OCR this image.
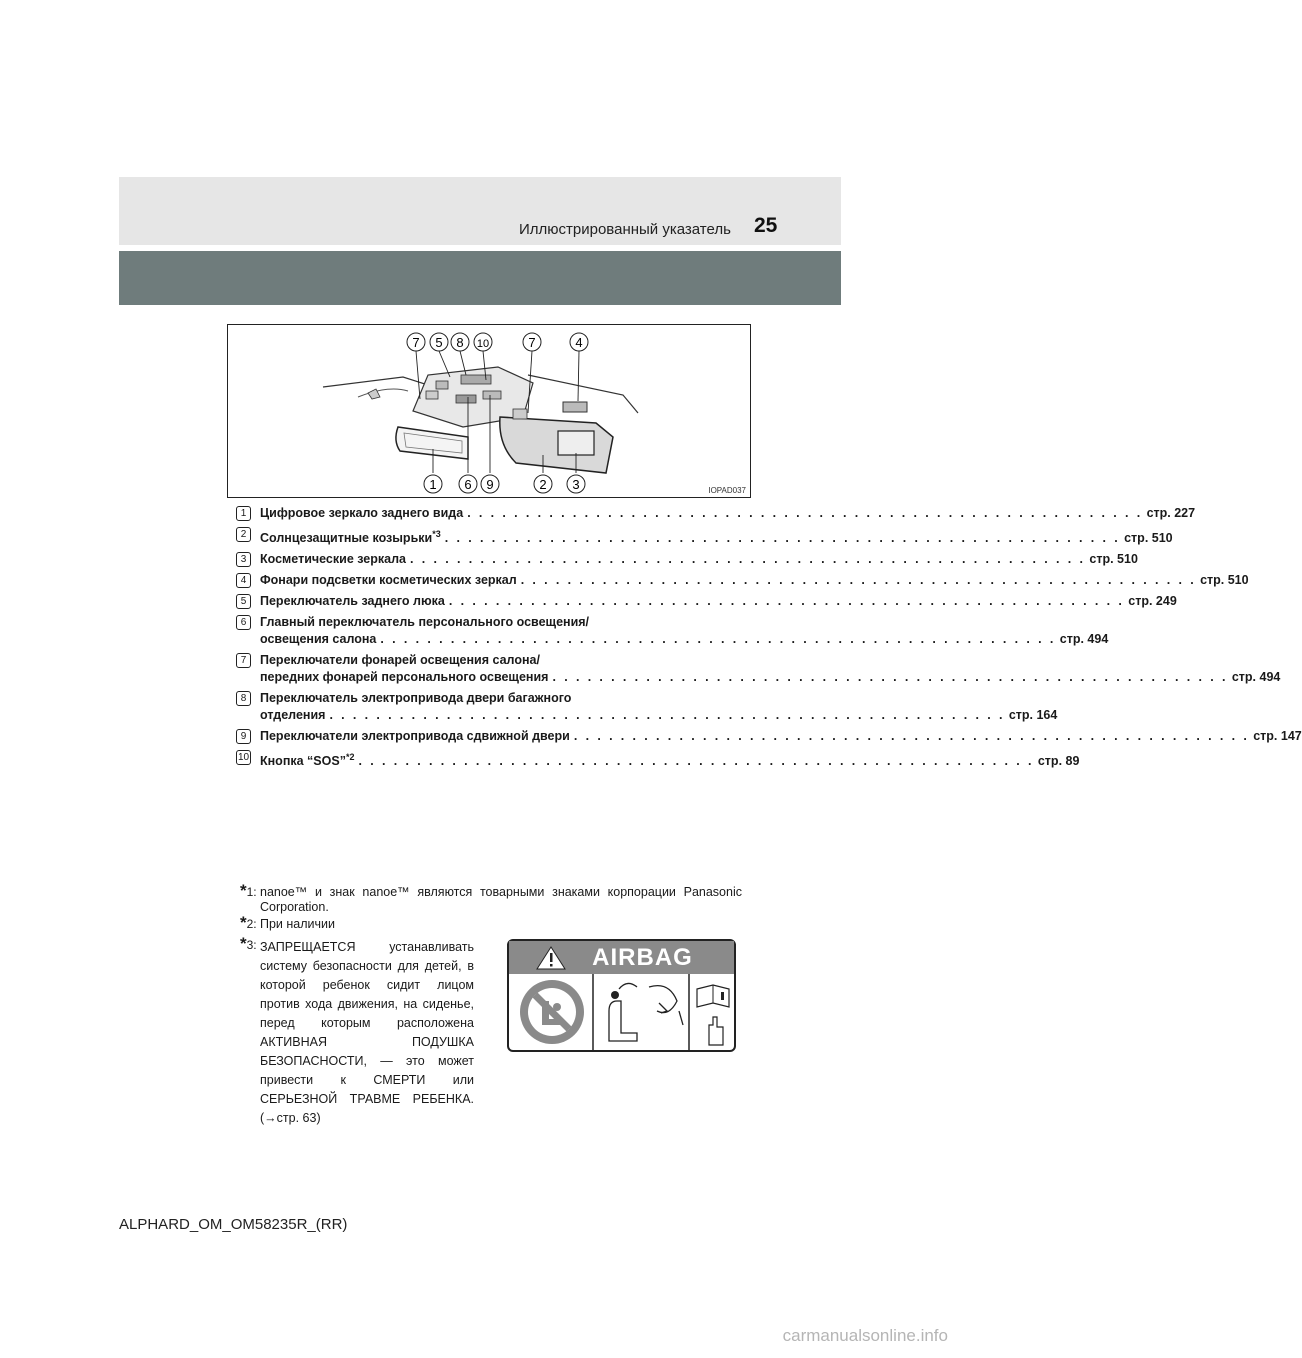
Иллюстрированный указатель 25
7 5 8 10	7	4
1 6 9	2 3	IOPAD037
1	Цифровое зеркало заднего вида . . . . . . . . . . . . . . . . . . . . . . . . . . . . . . . . . . . . . . . . . . . . . . . . . . . . . . . . . . стр. 227
2	Солнцезащитные козырьки$^{*3}$ . . . . . . . . . . . . . . . . . . . . . . . . . . . . . . . . . . . . . . . . . . . . . . . . . . . . . . . . . . стр. 510
3	Косметические зеркала . . . . . . . . . . . . . . . . . . . . . . . . . . . . . . . . . . . . . . . . . . . . . . . . . . . . . . . . . . стр. 510
4	Фонари подсветки косметических зеркал . . . . . . . . . . . . . . . . . . . . . . . . . . . . . . . . . . . . . . . . . . . . . . . . . . . . . . . . . . стр. 510
5	Переключатель заднего люка . . . . . . . . . . . . . . . . . . . . . . . . . . . . . . . . . . . . . . . . . . . . . . . . . . . . . . . . . . стр. 249
6	Главный переключатель персонального освещения/
освещения салона . . . . . . . . . . . . . . . . . . . . . . . . . . . . . . . . . . . . . . . . . . . . . . . . . . . . . . . . . . стр. 494
7	Переключатели фонарей освещения салона/
передних фонарей персонального освещения . . . . . . . . . . . . . . . . . . . . . . . . . . . . . . . . . . . . . . . . . . . . . . . . . . . . . . . . . . стр. 494
8	Переключатель электропривода двери багажного
отделения . . . . . . . . . . . . . . . . . . . . . . . . . . . . . . . . . . . . . . . . . . . . . . . . . . . . . . . . . . стр. 164
9	Переключатели электропривода сдвижной двери . . . . . . . . . . . . . . . . . . . . . . . . . . . . . . . . . . . . . . . . . . . . . . . . . . . . . . . . . . стр. 147
10 Кнопка “SOS”$^{*2}$ . . . . . . . . . . . . . . . . . . . . . . . . . . . . . . . . . . . . . . . . . . . . . . . . . . . . . . . . . . стр. 89
*1: nanoe™ и знак nanoe™ являются товарными знаками корпорации Panasonic Corporation.
*2: При наличии
*3: ЗАПРЕЩАЕТСЯ устанавливать систему безопасности для детей, в которой ребенок сидит лицом против хода движения, на сиденье, перед которым расположена АКТИВНАЯ ПОДУШКА БЕЗОПАСНОСТИ, — это может привести к СМЕРТИ или СЕРЬЕЗНОЙ ТРАВМЕ РЕБЕНКА. (→стр. 63)
AIRBAG
ALPHARD_OM_OM58235R_(RR)
carmanualsonline.info
